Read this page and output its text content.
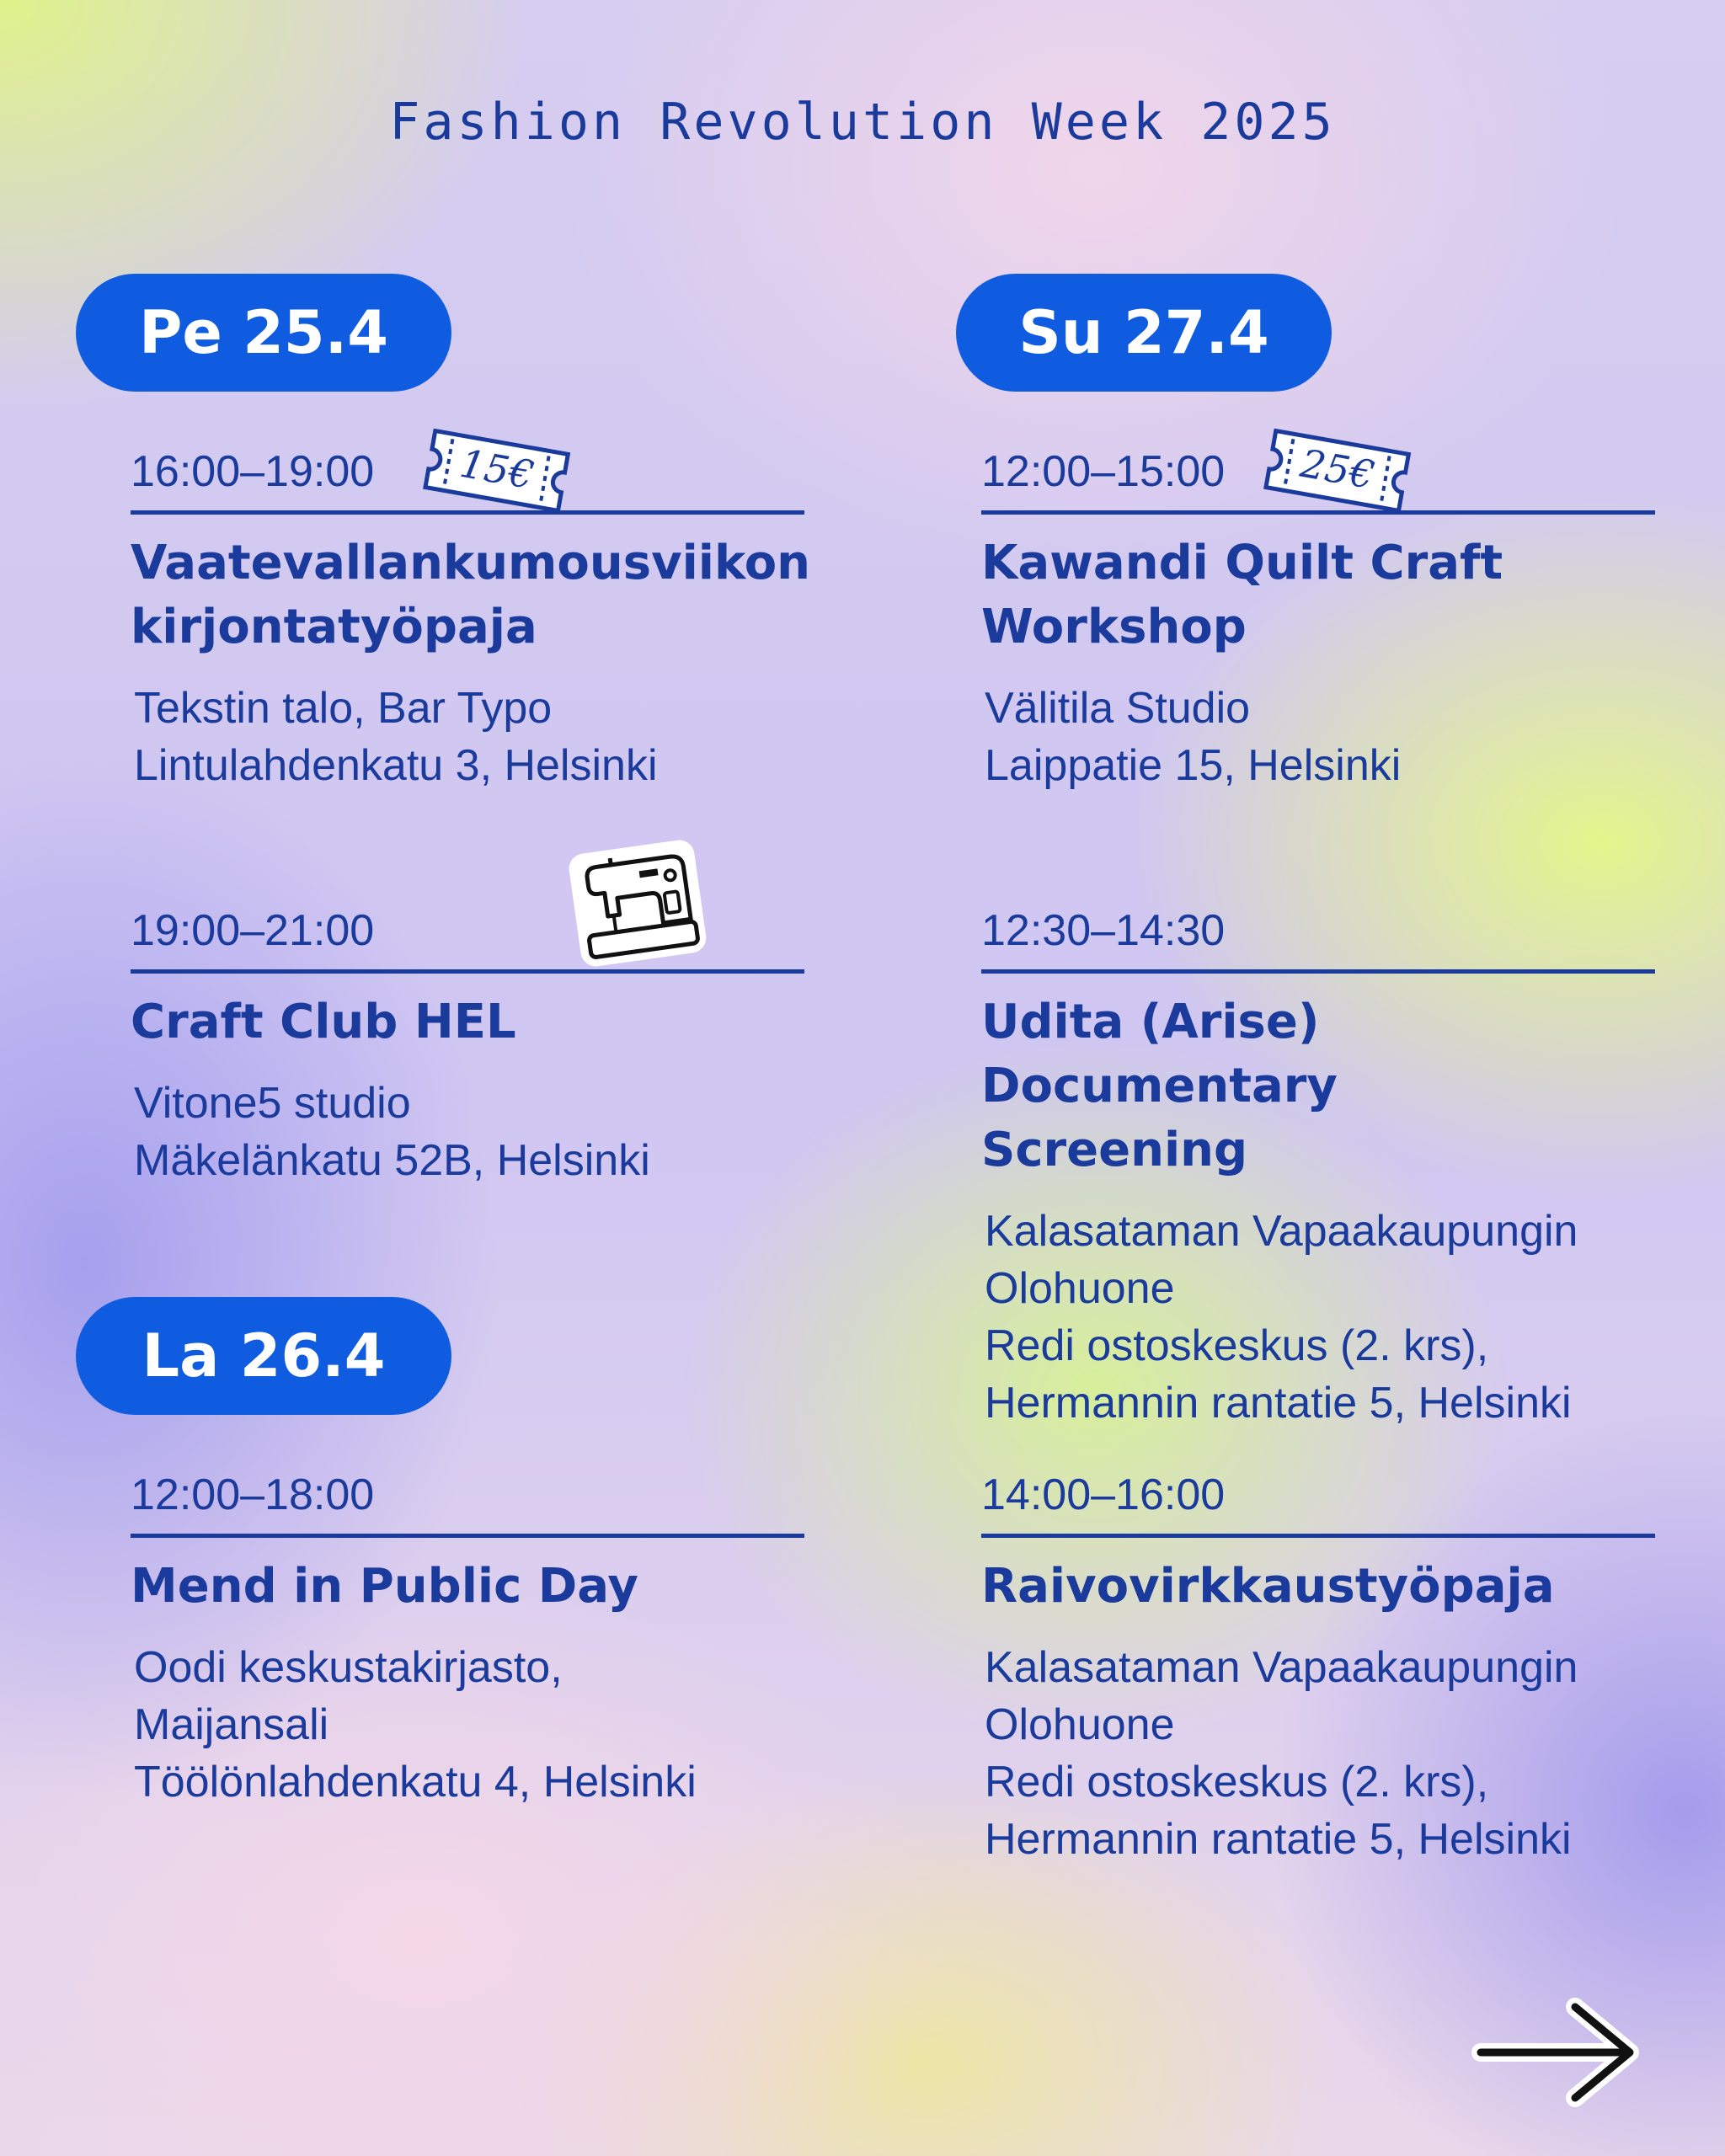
Fashion Revolution Week 2025
Pe 25.4	Su 27.4
La 26.4
16:00–19:00
Vaatevallankumousviikon
kirjontatyöpaja
Tekstin talo, Bar Typo
Lintulahdenkatu 3, Helsinki
15€
19:00–21:00
Craft Club HEL
Vitone5 studio
Mäkelänkatu 52B, Helsinki
12:00–18:00
Mend in Public Day
Oodi keskustakirjasto,
Maijansali
Töölönlahdenkatu 4, Helsinki
12:00–15:00
Kawandi Quilt Craft
Workshop
Välitila Studio
Laippatie 15, Helsinki
25€
12:30–14:30
Udita (Arise) Documentary
Screening
Kalasataman Vapaakaupungin
Olohuone
Redi ostoskeskus (2. krs),
Hermannin rantatie 5, Helsinki
14:00–16:00
Raivovirkkaustyöpaja
Kalasataman Vapaakaupungin
Olohuone
Redi ostoskeskus (2. krs),
Hermannin rantatie 5, Helsinki
